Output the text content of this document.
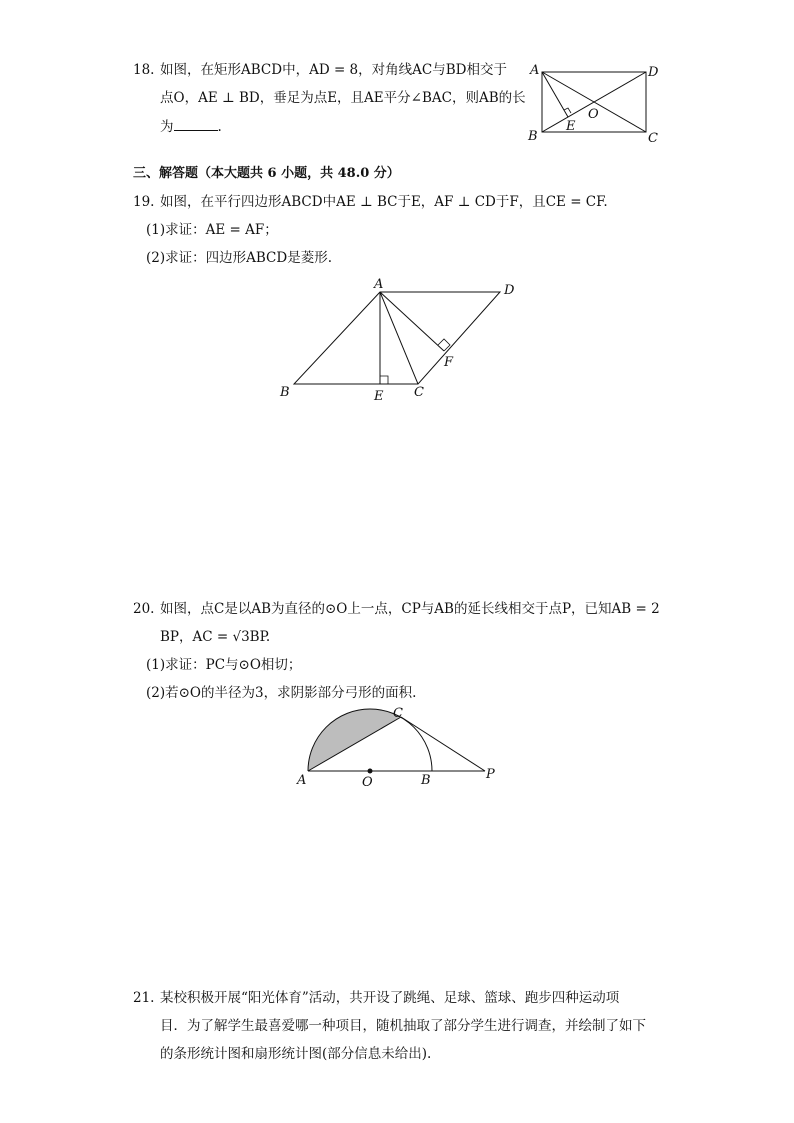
18. 如图，在矩形ABCD中，AD = 8，对角线AC与BD相交于
点O，AE ⊥ BD，垂足为点E，且AE平分∠BAC，则AB的长
为	.
A	D
B	C
E
O
三、解答题（本大题共 6 小题，共 48.0 分）
19. 如图，在平行四边形ABCD中AE ⊥ BC于E，AF ⊥ CD于F，且CE = CF.
(1)求证：AE = AF；
(2)求证：四边形ABCD是菱形.
A	D
F
B	E C
20. 如图，点C是以AB为直径的⊙O上一点，CP与AB的延长线相交于点P，已知AB = 2
BP，AC = √3BP.
(1)求证：PC与⊙O相切；
(2)若⊙O的半径为3，求阴影部分弓形的面积.
A	O	B	P
C
21. 某校积极开展“阳光体育”活动，共开设了跳绳、足球、篮球、跑步四种运动项
目．为了解学生最喜爱哪一种项目，随机抽取了部分学生进行调查，并绘制了如下
的条形统计图和扇形统计图(部分信息未给出).
